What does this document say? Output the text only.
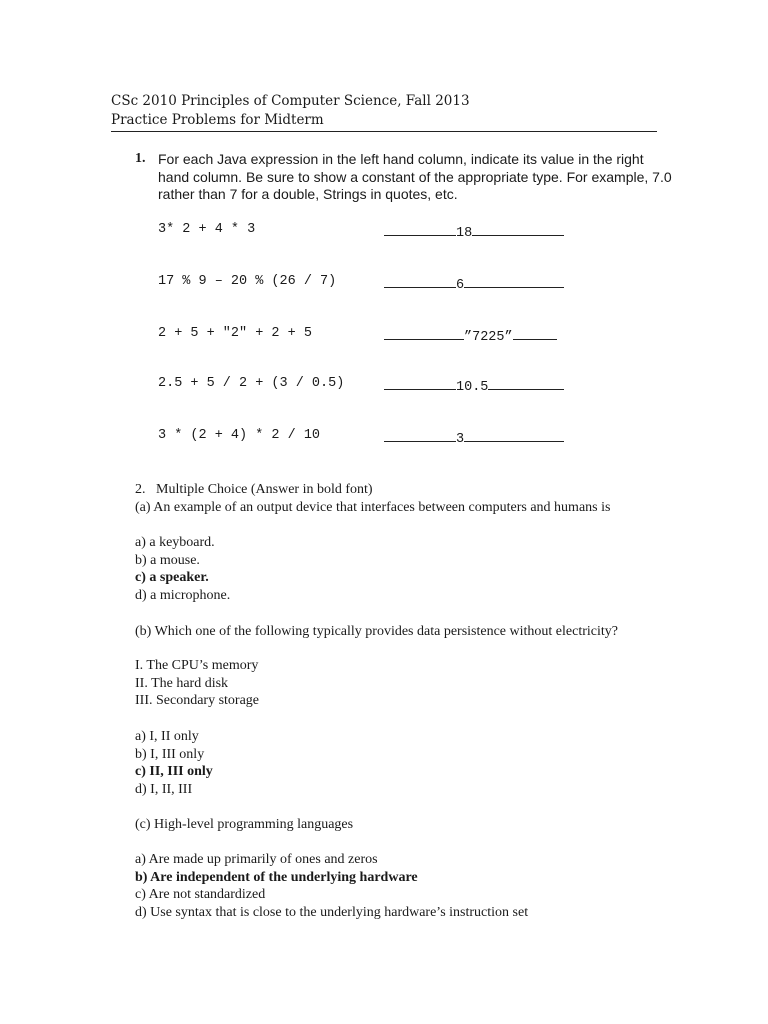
CSc 2010 Principles of Computer Science, Fall 2013
Practice Problems for Midterm
1. For each Java expression in the left hand column, indicate its value in the right
hand column. Be sure to show a constant of the appropriate type. For example, 7.0
rather than 7 for a double, Strings in quotes, etc.
3* 2 + 4 * 3	18
17 % 9 – 20 % (26 / 7)	6
2 + 5 + "2" + 2 + 5	”7225”
2.5 + 5 / 2 + (3 / 0.5)	10.5
3 * (2 + 4) * 2 / 10	3
2.   Multiple Choice (Answer in bold font)
(a) An example of an output device that interfaces between computers and humans is
a) a keyboard.
b) a mouse.
c) a speaker.
d) a microphone.
(b) Which one of the following typically provides data persistence without electricity?
I. The CPU’s memory
II. The hard disk
III. Secondary storage
a) I, II only
b) I, III only
c) II, III only
d) I, II, III
(c) High-level programming languages
a) Are made up primarily of ones and zeros
b) Are independent of the underlying hardware
c) Are not standardized
d) Use syntax that is close to the underlying hardware’s instruction set
